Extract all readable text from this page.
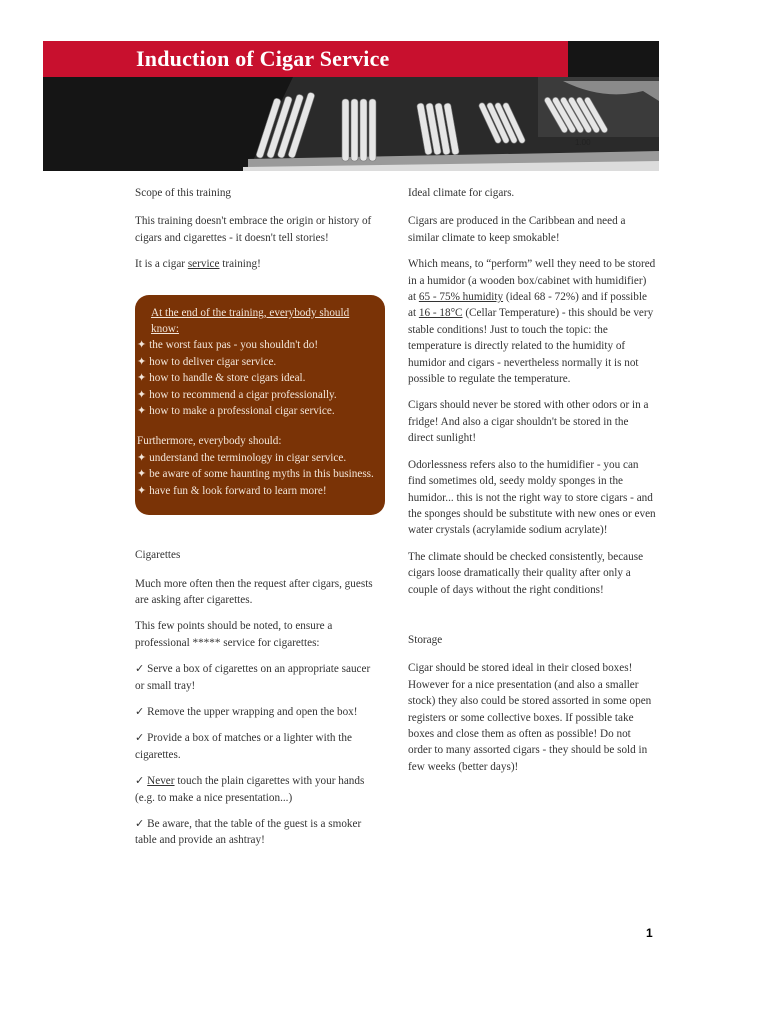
1.00
Induction of Cigar Service

Scope of this training

This training doesn't embrace the origin or history of cigars and cigarettes - it doesn't tell stories!

It is a cigar service training!

At the end of the training, everybody should know:
✦ the worst faux pas - you shouldn't do!
✦ how to deliver cigar service.
✦ how to handle & store cigars ideal.
✦ how to recommend a cigar professionally.
✦ how to make a professional cigar service.
Furthermore, everybody should:
✦ understand the terminology in cigar service.
✦ be aware of some haunting myths in this business.
✦ have fun & look forward to learn more!

Cigarettes

Much more often then the request after cigars, guests are asking after cigarettes.

This few points should be noted, to ensure a professional ***** service for cigarettes:

✓ Serve a box of cigarettes on an appropriate saucer or small tray!

✓ Remove the upper wrapping and open the box!

✓ Provide a box of matches or a lighter with the cigarettes.

✓ Never touch the plain cigarettes with your hands (e.g. to make a nice presentation...)

✓ Be aware, that the table of the guest is a smoker table and provide an ashtray!

Ideal climate for cigars.

Cigars are produced in the Caribbean and need a similar climate to keep smokable!

Which means, to “perform” well they need to be stored in a humidor (a wooden box/cabinet with humidifier) at 65 - 75% humidity (ideal 68 - 72%) and if possible at 16 - 18°C (Cellar Temperature) - this should be very stable conditions! Just to touch the topic: the temperature is directly related to the humidity of humidor and cigars - nevertheless normally it is not possible to regulate the temperature.

Cigars should never be stored with other odors or in a fridge! And also a cigar shouldn't be stored in the direct sunlight!

Odorlessness refers also to the humidifier - you can find sometimes old, seedy moldy sponges in the humidor... this is not the right way to store cigars - and the sponges should be substitute with new ones or even water crystals (acrylamide sodium acrylate)!

The climate should be checked consistently, because cigars loose dramatically their quality after only a couple of days without the right conditions!

Storage

Cigar should be stored ideal in their closed boxes! However for a nice presentation (and also a smaller stock) they also could be stored assorted in some open registers or some collective boxes. If possible take boxes and close them as often as possible! Do not order to many assorted cigars - they should be sold in few weeks (better days)!

1
